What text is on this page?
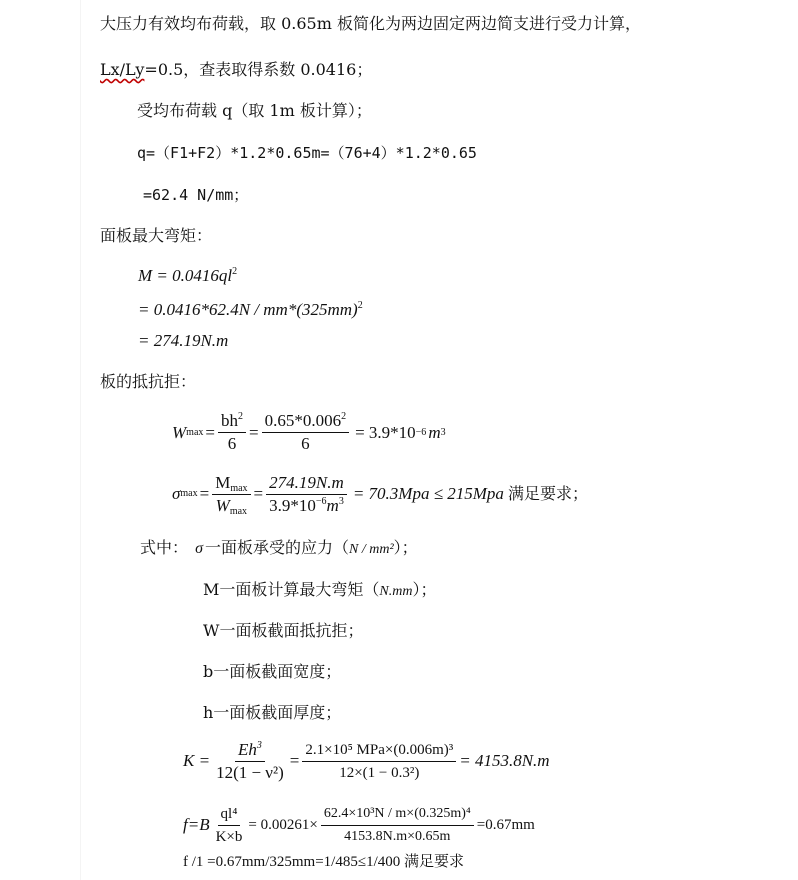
大压力有效均布荷载，取 0.65m 板简化为两边固定两边简支进行受力计算，
Lx/Ly=0.5，查表取得系数 0.0416；
受均布荷载 q（取 1m 板计算）；
q=（F1+F2）*1.2*0.65m=（76+4）*1.2*0.65
=62.4 N/mm；
面板最大弯矩：
$M = 0.0416ql^2$
= $0.0416*62.4N / mm*(325mm)^2$
= 274.19N.m
板的抵抗拒：
W $\max = \frac{bh^2}{6} = \frac{0.65*0.006^2}{6} = 3.9*10 -6$ m 3
σ $\max = \frac{M_{max}}{W_{max}} = \frac{274.19N.m}{3.9*10^{-6}m^3} = 70.3Mpa \le 215Mpa$ 满足要求；
式中： σ 一面板承受的应力（N / mm²）；
M一面板计算最大弯矩（N.mm）；
W一面板截面抵抗拒；
b一面板截面宽度；
h一面板截面厚度；
$K = \frac{Eh^3}{\text{12(1 − ν²)}} = \frac{\text{2.1×10⁵ MPa×(0.006m)³}}{\text{12×(1 − 0.3²)}} = 4153.8N.m$
$f=B \frac{\text{ql⁴}}{K\times b} = 0.00261\times \frac{\text{62.4×10³N / m×(0.325m)⁴}}{4153.8N.m\times 0.65m} =0.67mm$
f /1 =0.67mm/325mm=1/485≤1/400 满足要求
